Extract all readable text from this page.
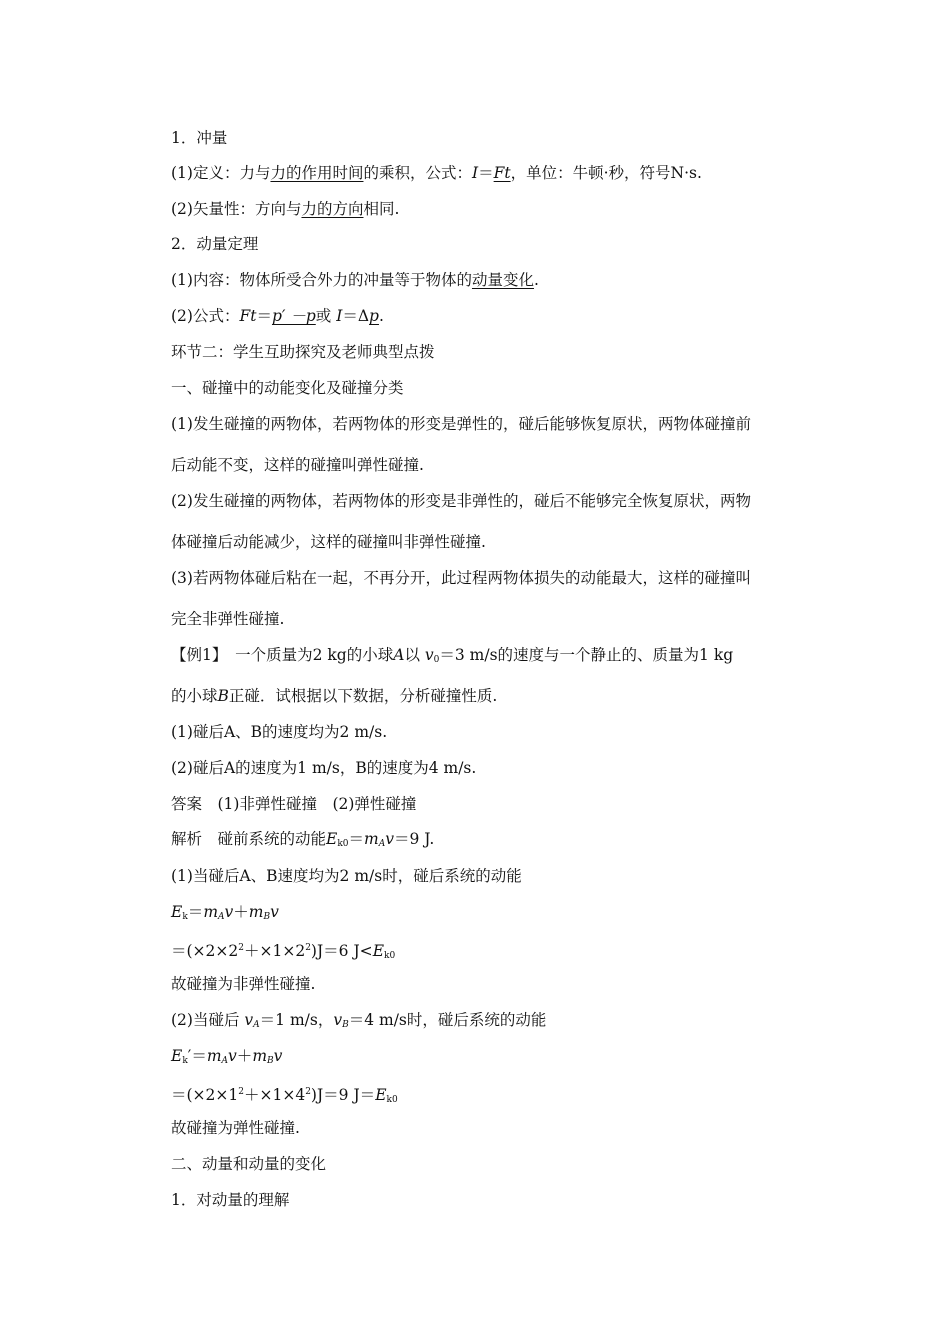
1．冲量
(1)定义：力与力的作用时间的乘积，公式：I＝Ft，单位：牛顿·秒，符号N·s.
(2)矢量性：方向与力的方向相同.
2．动量定理
(1)内容：物体所受合外力的冲量等于物体的动量变化.
(2)公式：Ft＝p′ －p或 I＝Δp.
环节二：学生互助探究及老师典型点拨
一、碰撞中的动能变化及碰撞分类
(1)发生碰撞的两物体，若两物体的形变是弹性的，碰后能够恢复原状，两物体碰撞前
后动能不变，这样的碰撞叫弹性碰撞.
(2)发生碰撞的两物体，若两物体的形变是非弹性的，碰后不能够完全恢复原状，两物
体碰撞后动能减少，这样的碰撞叫非弹性碰撞.
(3)若两物体碰后粘在一起，不再分开，此过程两物体损失的动能最大，这样的碰撞叫
完全非弹性碰撞.
【例1】　一个质量为2 kg的小球A以 $v_0=3$ m/s的速度与一个静止的、质量为1 kg
的小球B正碰．试根据以下数据，分析碰撞性质.
(1)碰后A、B的速度均为2 m/s.
(2)碰后A的速度为1 m/s，B的速度为4 m/s.
答案　(1)非弹性碰撞　(2)弹性碰撞
解析　碰前系统的动能$E_{k0}=m_Av=9$ J.
(1)当碰后A、B速度均为2 m/s时，碰后系统的动能
$E_k=m_Av+m_Bv$
$=(\times 2\times 2^2+\times 1\times 2^2)J=6$ $J<E_{k0}$
故碰撞为非弹性碰撞.
(2)当碰后 $v_A=1$ m/s，$v_B=4$ m/s时，碰后系统的动能
$E_k'=m_Av+m_Bv$
$=(\times 2\times 1^2+\times 1\times 4^2)J=9$ $J=E_{k0}$
故碰撞为弹性碰撞.
二、动量和动量的变化
1．对动量的理解
